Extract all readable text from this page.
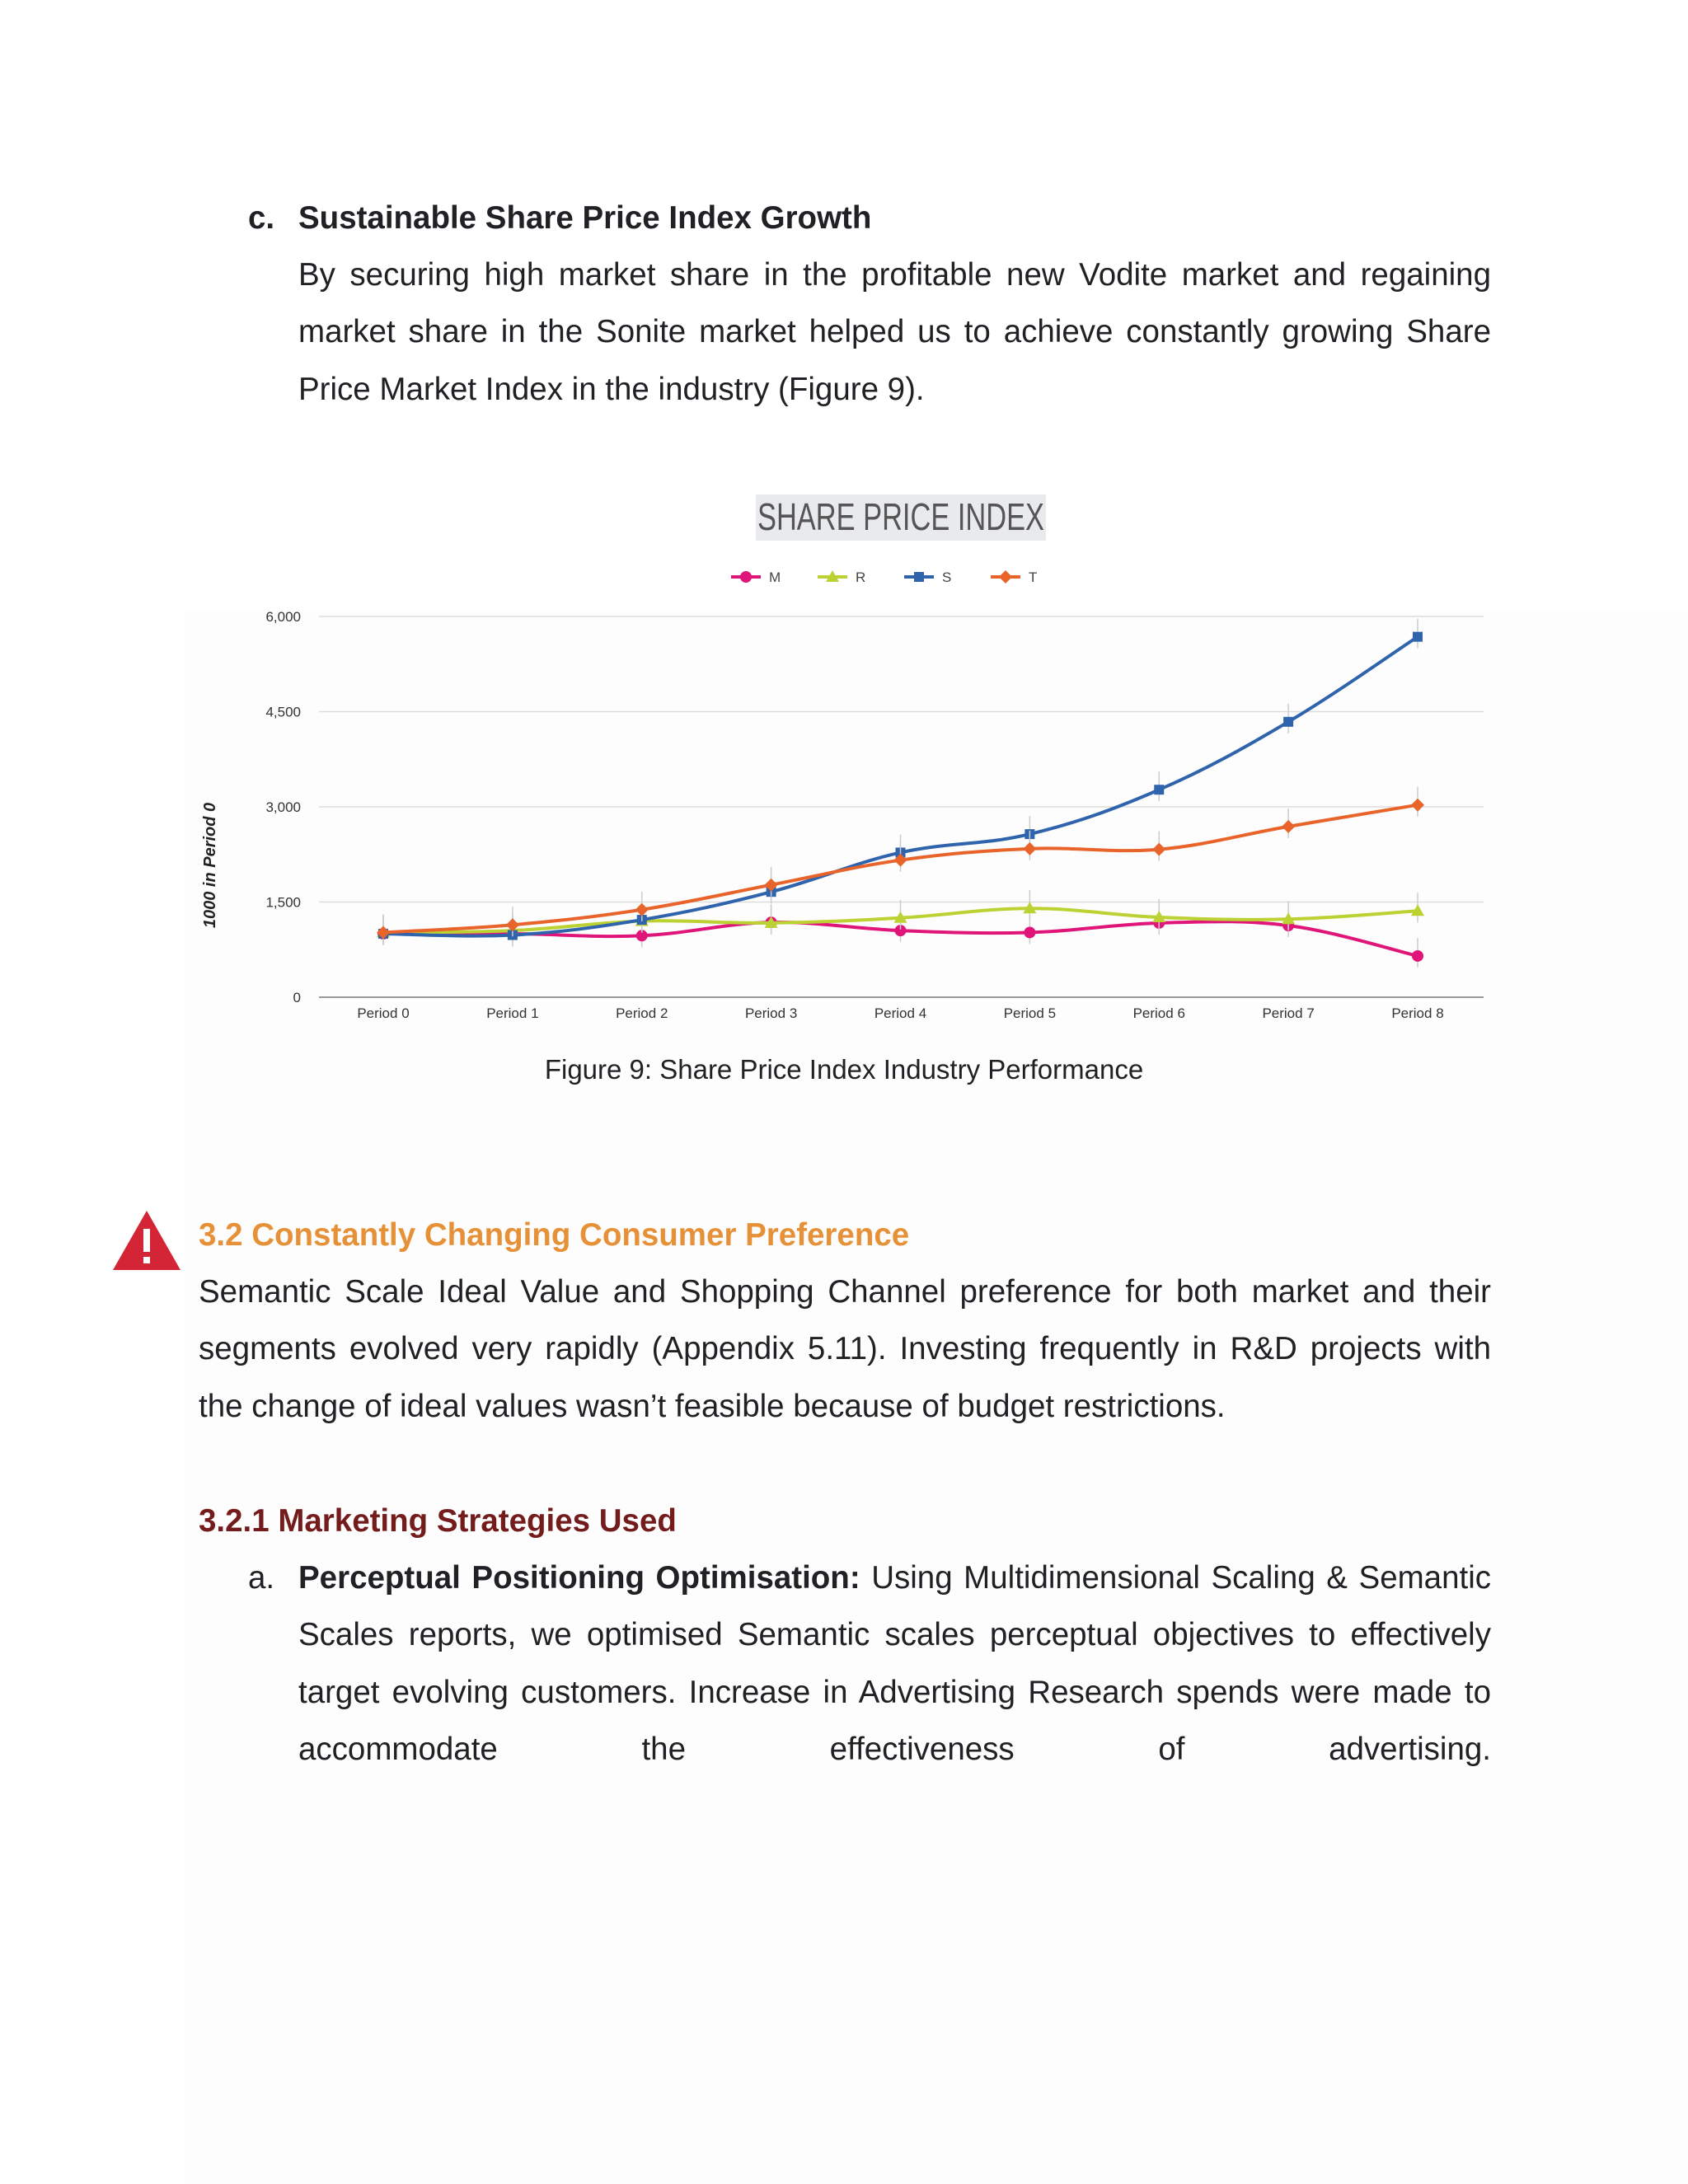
c. Sustainable Share Price Index Growth
By securing high market share in the profitable new Vodite market and regaining market share in the Sonite market helped us to achieve constantly growing Share Price Market Index in the industry (Figure 9).
SHARE PRICE INDEX
1000 in Period 0
0
1,500
3,000
4,500
6,000
Period 0	Period 1	Period 2	Period 3	Period 4	Period 5	Period 6	Period 7	Period 8
M	R	S	T
Figure 9: Share Price Index Industry Performance
3.2 Constantly Changing Consumer Preference
Semantic Scale Ideal Value and Shopping Channel preference for both market and their segments evolved very rapidly (Appendix 5.11). Investing frequently in R&D projects with the change of ideal values wasn’t feasible because of budget restrictions.
3.2.1 Marketing Strategies Used
a. Perceptual Positioning Optimisation: Using Multidimensional Scaling & Semantic Scales reports, we optimised Semantic scales perceptual objectives to effectively target evolving customers. Increase in Advertising Research spends were made to accommodate the effectiveness of advertising.
